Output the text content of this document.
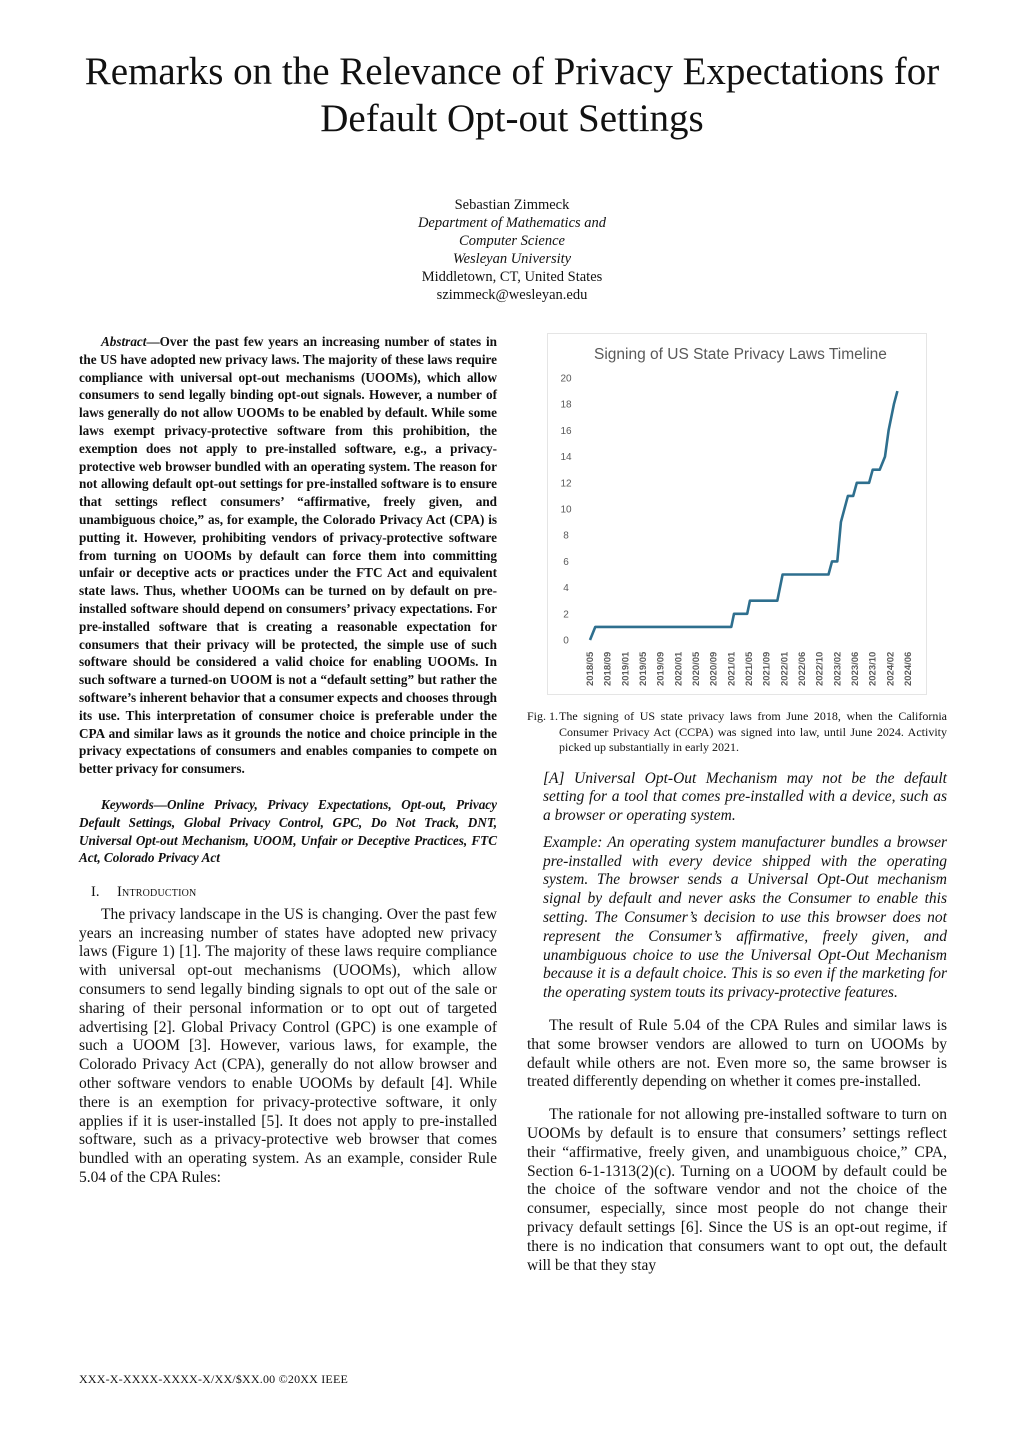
Remarks on the Relevance of Privacy Expectations for Default Opt-out Settings
Sebastian Zimmeck
Department of Mathematics and
Computer Science
Wesleyan University
Middletown, CT, United States
szimmeck@wesleyan.edu

Abstract—Over the past few years an increasing number of states in the US have adopted new privacy laws. The majority of these laws require compliance with universal opt-out mechanisms (UOOMs), which allow consumers to send legally binding opt-out signals. However, a number of laws generally do not allow UOOMs to be enabled by default. While some laws exempt privacy-protective software from this prohibition, the exemption does not apply to pre-installed software, e.g., a privacy-protective web browser bundled with an operating system. The reason for not allowing default opt-out settings for pre-installed software is to ensure that settings reflect consumers’ “affirmative, freely given, and unambiguous choice,” as, for example, the Colorado Privacy Act (CPA) is putting it. However, prohibiting vendors of privacy-protective software from turning on UOOMs by default can force them into committing unfair or deceptive acts or practices under the FTC Act and equivalent state laws. Thus, whether UOOMs can be turned on by default on pre-installed software should depend on consumers’ privacy expectations. For pre-installed software that is creating a reasonable expectation for consumers that their privacy will be protected, the simple use of such software should be considered a valid choice for enabling UOOMs. In such software a turned-on UOOM is not a “default setting” but rather the software’s inherent behavior that a consumer expects and chooses through its use. This interpretation of consumer choice is preferable under the CPA and similar laws as it grounds the notice and choice principle in the privacy expectations of consumers and enables companies to compete on better privacy for consumers.

Keywords—Online Privacy, Privacy Expectations, Opt-out, Privacy Default Settings, Global Privacy Control, GPC, Do Not Track, DNT, Universal Opt-out Mechanism, UOOM, Unfair or Deceptive Practices, FTC Act, Colorado Privacy Act

I. Introduction

The privacy landscape in the US is changing. Over the past few years an increasing number of states have adopted new privacy laws (Figure 1) [1]. The majority of these laws require compliance with universal opt-out mechanisms (UOOMs), which allow consumers to send legally binding signals to opt out of the sale or sharing of their personal information or to opt out of targeted advertising [2]. Global Privacy Control (GPC) is one example of such a UOOM [3]. However, various laws, for example, the Colorado Privacy Act (CPA), generally do not allow browser and other software vendors to enable UOOMs by default [4]. While there is an exemption for privacy-protective software, it only applies if it is user-installed [5]. It does not apply to pre-installed software, such as a privacy-protective web browser that comes bundled with an operating system. As an example, consider Rule 5.04 of the CPA Rules:

Signing of US State Privacy Laws Timeline
0
2
4
6
8
10
12
14
16
18
20
2018/05 2018/09 2019/01 2019/05 2019/09 2020/01 2020/05 2020/09 2021/01 2021/05 2021/09 2022/01 2022/06 2022/10 2023/02 2023/06 2023/10 2024/02 2024/06

Fig. 1.The signing of US state privacy laws from June 2018, when the California Consumer Privacy Act (CCPA) was signed into law, until June 2024. Activity picked up substantially in early 2021.

[A] Universal Opt-Out Mechanism may not be the default setting for a tool that comes pre-installed with a device, such as a browser or operating system.

Example: An operating system manufacturer bundles a browser pre-installed with every device shipped with the operating system. The browser sends a Universal Opt-Out mechanism signal by default and never asks the Consumer to enable this setting. The Consumer’s decision to use this browser does not represent the Consumer’s affirmative, freely given, and unambiguous choice to use the Universal Opt-Out Mechanism because it is a default choice. This is so even if the marketing for the operating system touts its privacy-protective features.

The result of Rule 5.04 of the CPA Rules and similar laws is that some browser vendors are allowed to turn on UOOMs by default while others are not. Even more so, the same browser is treated differently depending on whether it comes pre-installed.

The rationale for not allowing pre-installed software to turn on UOOMs by default is to ensure that consumers’ settings reflect their “affirmative, freely given, and unambiguous choice,” CPA, Section 6-1-1313(2)(c). Turning on a UOOM by default could be the choice of the software vendor and not the choice of the consumer, especially, since most people do not change their privacy default settings [6]. Since the US is an opt-out regime, if there is no indication that consumers want to opt out, the default will be that they stay

XXX-X-XXXX-XXXX-X/XX/$XX.00 ©20XX IEEE
